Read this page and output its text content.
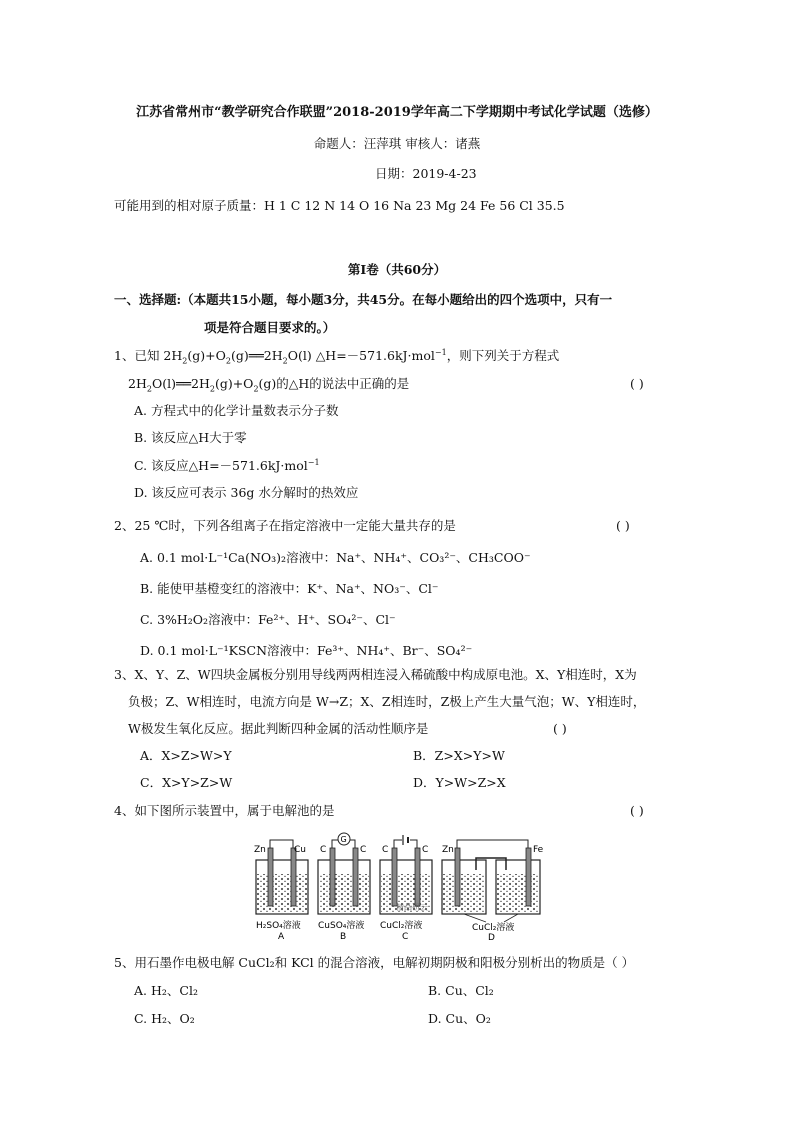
江苏省常州市“教学研究合作联盟”2018-2019学年高二下学期期中考试化学试题（选修）
命题人：汪萍琪 审核人：诸燕
日期：2019-4-23
可能用到的相对原子质量：H 1 C 12 N 14 O 16 Na 23 Mg 24 Fe 56 Cl 35.5
第Ⅰ卷（共60分）
一、选择题:（本题共15小题，每小题3分，共45分。在每小题给出的四个选项中，只有一
项是符合题目要求的。）
1、已知 $2H_2(g)+O_2(g)══2H_2O(l)$ △H=－571.6kJ·mol$^{-1}$，则下列关于方程式
$2H_2O(l)══2H_2(g)+O_2(g)$的△H的说法中正确的是	( )
A. 方程式中的化学计量数表示分子数
B. 该反应△H大于零
C. 该反应△H=－571.6kJ·mol$^{-1}$
D. 该反应可表示 36g 水分解时的热效应
2、25 ℃时，下列各组离子在指定溶液中一定能大量共存的是	( )
A. 0.1 mol·L⁻¹Ca(NO₃)₂溶液中：Na⁺、NH₄⁺、CO₃²⁻、CH₃COO⁻
B. 能使甲基橙变红的溶液中：K⁺、Na⁺、NO₃⁻、Cl⁻
C. 3%H₂O₂溶液中：Fe²⁺、H⁺、SO₄²⁻、Cl⁻
D. 0.1 mol·L⁻¹KSCN溶液中：Fe³⁺、NH₄⁺、Br⁻、SO₄²⁻
3、X、Y、Z、W四块金属板分别用导线两两相连浸入稀硫酸中构成原电池。X、Y相连时，X为
负极；Z、W相连时，电流方向是 W→Z；X、Z相连时，Z极上产生大量气泡；W、Y相连时，
W极发生氧化反应。据此判断四种金属的活动性顺序是	( )
A．X>Z>W>Y	B．Z>X>Y>W
C．X>Y>Z>W	D．Y>W>Z>X
4、如下图所示装置中，属于电解池的是	( )
Zn	Cu
H₂SO₄溶液
A
G
C	C
CuSO₄溶液
B
C	C
CuCl₂溶液
C
精品研云
Zn	Fe
CuCl₂溶液
D
5、用石墨作电极电解 CuCl₂和 KCl 的混合溶液，电解初期阴极和阳极分别析出的物质是（ ）
A. H₂、Cl₂	B. Cu、Cl₂
C. H₂、O₂	D. Cu、O₂
